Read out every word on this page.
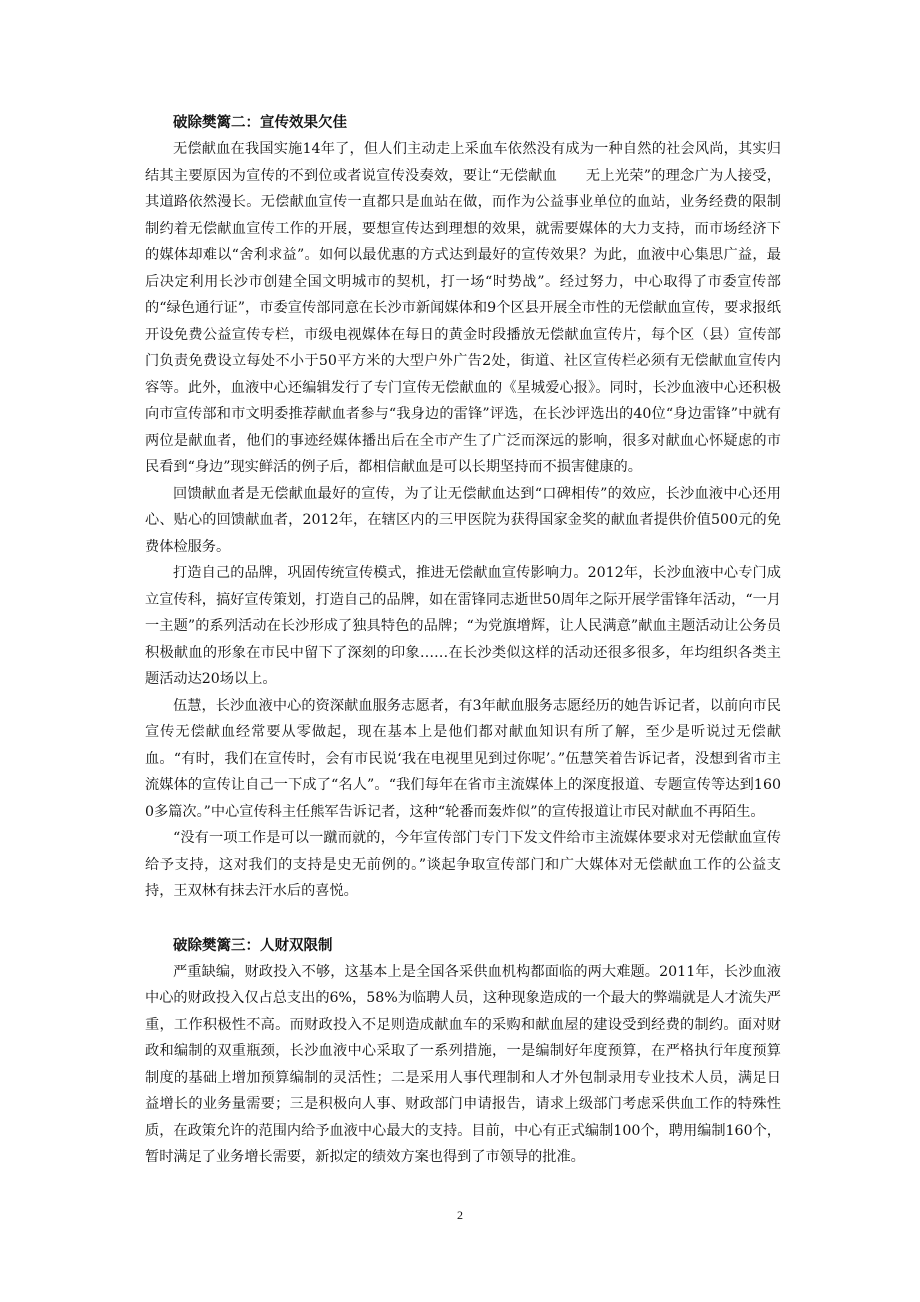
破除樊篱二：宣传效果欠佳

无偿献血在我国实施14年了，但人们主动走上采血车依然没有成为一种自然的社会风尚，其实归结其主要原因为宣传的不到位或者说宣传没奏效，要让“无偿献血　　无上光荣”的理念广为人接受，其道路依然漫长。无偿献血宣传一直都只是血站在做，而作为公益事业单位的血站，业务经费的限制制约着无偿献血宣传工作的开展，要想宣传达到理想的效果，就需要媒体的大力支持，而市场经济下的媒体却难以“舍利求益”。如何以最优惠的方式达到最好的宣传效果？为此，血液中心集思广益，最后决定利用长沙市创建全国文明城市的契机，打一场“时势战”。经过努力，中心取得了市委宣传部的“绿色通行证”，市委宣传部同意在长沙市新闻媒体和9个区县开展全市性的无偿献血宣传，要求报纸开设免费公益宣传专栏，市级电视媒体在每日的黄金时段播放无偿献血宣传片，每个区（县）宣传部门负责免费设立每处不小于50平方米的大型户外广告2处，街道、社区宣传栏必须有无偿献血宣传内容等。此外，血液中心还编辑发行了专门宣传无偿献血的《星城爱心报》。同时，长沙血液中心还积极向市宣传部和市文明委推荐献血者参与“我身边的雷锋”评选，在长沙评选出的40位“身边雷锋”中就有两位是献血者，他们的事迹经媒体播出后在全市产生了广泛而深远的影响，很多对献血心怀疑虑的市民看到“身边”现实鲜活的例子后，都相信献血是可以长期坚持而不损害健康的。

回馈献血者是无偿献血最好的宣传，为了让无偿献血达到“口碑相传”的效应，长沙血液中心还用心、贴心的回馈献血者，2012年，在辖区内的三甲医院为获得国家金奖的献血者提供价值500元的免费体检服务。

打造自己的品牌，巩固传统宣传模式，推进无偿献血宣传影响力。2012年，长沙血液中心专门成立宣传科，搞好宣传策划，打造自己的品牌，如在雷锋同志逝世50周年之际开展学雷锋年活动，“一月一主题”的系列活动在长沙形成了独具特色的品牌；“为党旗增辉，让人民满意”献血主题活动让公务员积极献血的形象在市民中留下了深刻的印象……在长沙类似这样的活动还很多很多，年均组织各类主题活动达20场以上。

伍慧，长沙血液中心的资深献血服务志愿者，有3年献血服务志愿经历的她告诉记者，以前向市民宣传无偿献血经常要从零做起，现在基本上是他们都对献血知识有所了解，至少是听说过无偿献血。“有时，我们在宣传时，会有市民说‘我在电视里见到过你呢’。”伍慧笑着告诉记者，没想到省市主流媒体的宣传让自己一下成了“名人”。“我们每年在省市主流媒体上的深度报道、专题宣传等达到1600多篇次。”中心宣传科主任熊军告诉记者，这种“轮番而轰炸似”的宣传报道让市民对献血不再陌生。

“没有一项工作是可以一蹴而就的，今年宣传部门专门下发文件给市主流媒体要求对无偿献血宣传给予支持，这对我们的支持是史无前例的。”谈起争取宣传部门和广大媒体对无偿献血工作的公益支持，王双林有抹去汗水后的喜悦。

破除樊篱三：人财双限制

严重缺编，财政投入不够，这基本上是全国各采供血机构都面临的两大难题。2011年，长沙血液中心的财政投入仅占总支出的6%，58%为临聘人员，这种现象造成的一个最大的弊端就是人才流失严重，工作积极性不高。而财政投入不足则造成献血车的采购和献血屋的建设受到经费的制约。面对财政和编制的双重瓶颈，长沙血液中心采取了一系列措施，一是编制好年度预算，在严格执行年度预算制度的基础上增加预算编制的灵活性；二是采用人事代理制和人才外包制录用专业技术人员，满足日益增长的业务量需要；三是积极向人事、财政部门申请报告，请求上级部门考虑采供血工作的特殊性质，在政策允许的范围内给予血液中心最大的支持。目前，中心有正式编制100个，聘用编制160个，暂时满足了业务增长需要，新拟定的绩效方案也得到了市领导的批准。

2
